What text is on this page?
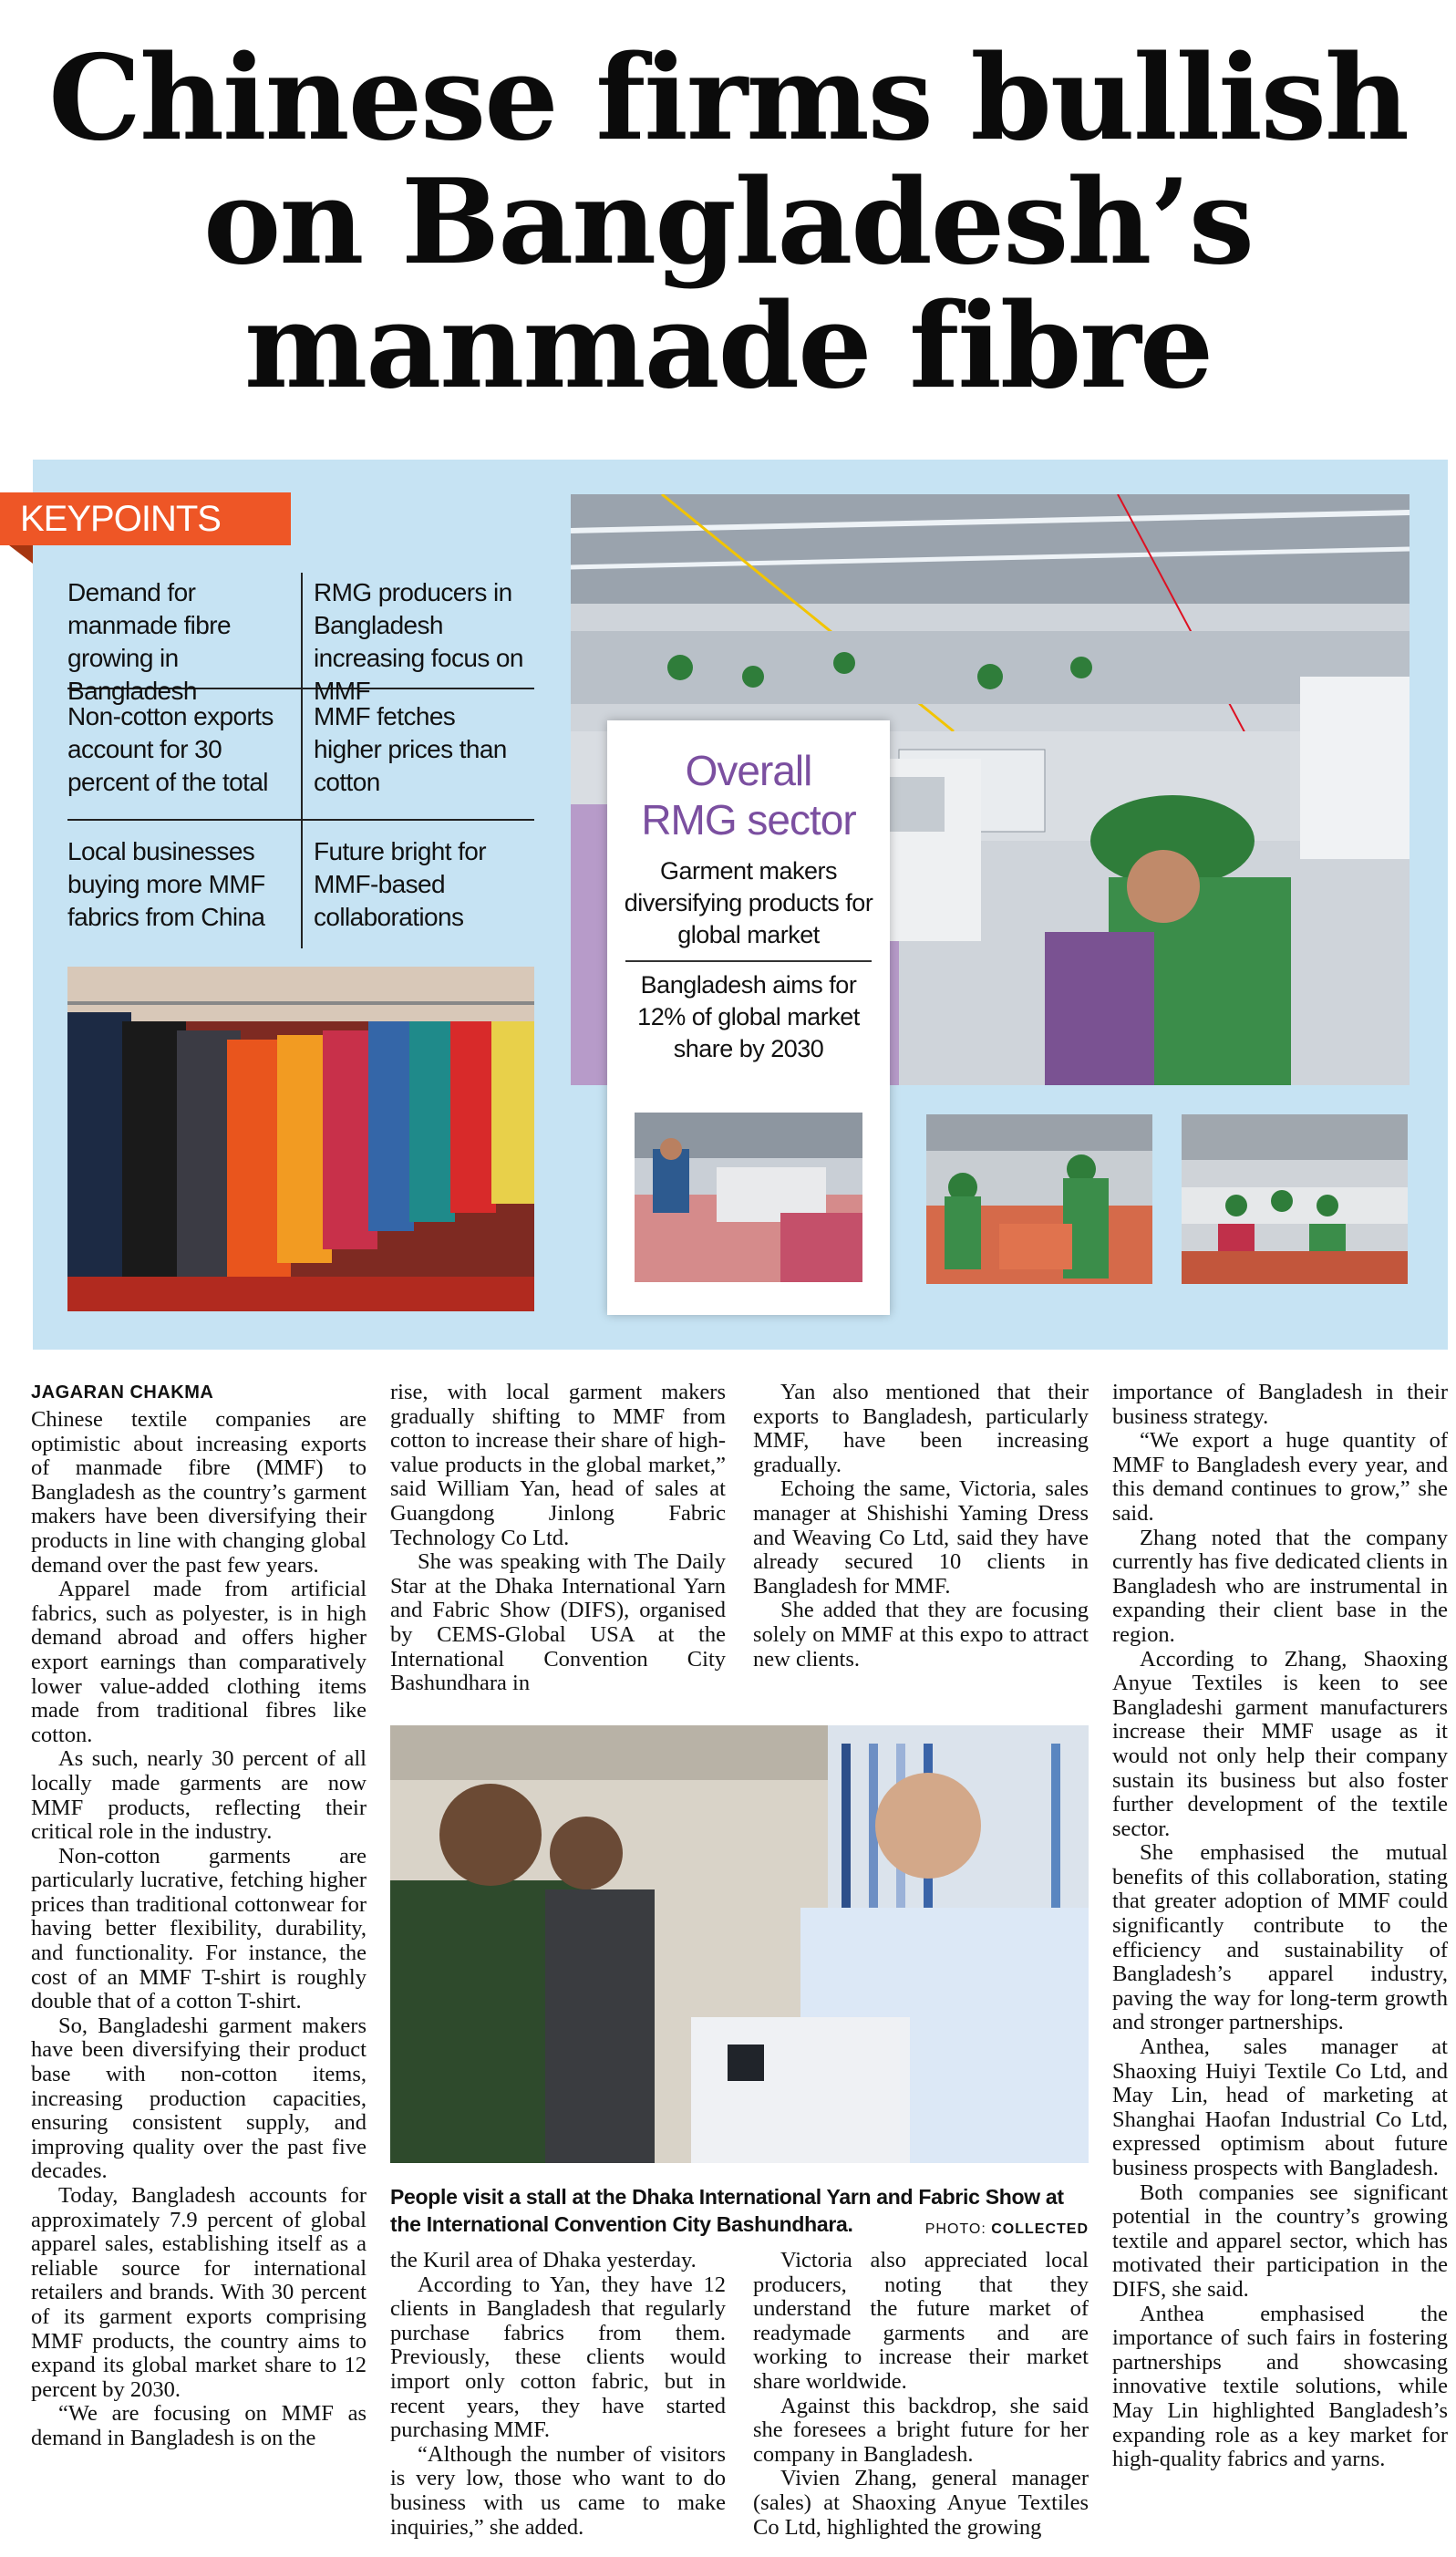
Chinese firms bullish
on Bangladesh’s
manmade fibre
KEYPOINTS
Demand for manmade fibre growing in Bangladesh
RMG producers in Bangladesh increasing focus on MMF
Non-cotton exports account for 30 percent of the total
MMF fetches higher prices than cotton
Local businesses buying more MMF fabrics from China
Future bright for MMF-based collaborations
Overall
RMG sector
Garment makers diversifying products for global market
Bangladesh aims for 12% of global market share by 2030
JAGARAN CHAKMA

Chinese textile companies are optimistic about increasing exports of manmade fibre (MMF) to Bangladesh as the country’s garment makers have been diversifying their products in line with changing global demand over the past few years.

Apparel made from artificial fabrics, such as polyester, is in high demand abroad and offers higher export earnings than comparatively lower value-added clothing items made from traditional fibres like cotton.

As such, nearly 30 percent of all locally made garments are now MMF products, reflecting their critical role in the industry.

Non-cotton garments are particularly lucrative, fetching higher prices than traditional cottonwear for having better flexibility, durability, and functionality. For instance, the cost of an MMF T-shirt is roughly double that of a cotton T-shirt.

So, Bangladeshi garment makers have been diversifying their product base with non-cotton items, increasing production capacities, ensuring consistent supply, and improving quality over the past five decades.

Today, Bangladesh accounts for approximately 7.9 percent of global apparel sales, establishing itself as a reliable source for international retailers and brands. With 30 percent of its garment exports comprising MMF products, the country aims to expand its global market share to 12 percent by 2030.

“We are focusing on MMF as demand in Bangladesh is on the

rise, with local garment makers gradually shifting to MMF from cotton to increase their share of high-value products in the global market,” said William Yan, head of sales at Guangdong Jinlong Fabric Technology Co Ltd.

She was speaking with The Daily Star at the Dhaka International Yarn and Fabric Show (DIFS), organised by CEMS-Global USA at the International Convention City Bashundhara in

Yan also mentioned that their exports to Bangladesh, particularly MMF, have been increasing gradually.

Echoing the same, Victoria, sales manager at Shishishi Yaming Dress and Weaving Co Ltd, said they have already secured 10 clients in Bangladesh for MMF.

She added that they are focusing solely on MMF at this expo to attract new clients.

People visit a stall at the Dhaka International Yarn and Fabric Show at the International Convention City Bashundhara.	PHOTO: COLLECTED

the Kuril area of Dhaka yesterday.

According to Yan, they have 12 clients in Bangladesh that regularly purchase fabrics from them. Previously, these clients would import only cotton fabric, but in recent years, they have started purchasing MMF.

“Although the number of visitors is very low, those who want to do business with us came to make inquiries,” she added.

Victoria also appreciated local producers, noting that they understand the future market of readymade garments and are working to increase their market share worldwide.

Against this backdrop, she said she foresees a bright future for her company in Bangladesh.

Vivien Zhang, general manager (sales) at Shaoxing Anyue Textiles Co Ltd, highlighted the growing

importance of Bangladesh in their business strategy.

“We export a huge quantity of MMF to Bangladesh every year, and this demand continues to grow,” she said.

Zhang noted that the company currently has five dedicated clients in Bangladesh who are instrumental in expanding their client base in the region.

According to Zhang, Shaoxing Anyue Textiles is keen to see Bangladeshi garment manufacturers increase their MMF usage as it would not only help their company sustain its business but also foster further development of the textile sector.

She emphasised the mutual benefits of this collaboration, stating that greater adoption of MMF could significantly contribute to the efficiency and sustainability of Bangladesh’s apparel industry, paving the way for long-term growth and stronger partnerships.

Anthea, sales manager at Shaoxing Huiyi Textile Co Ltd, and May Lin, head of marketing at Shanghai Haofan Industrial Co Ltd, expressed optimism about future business prospects with Bangladesh.

Both companies see significant potential in the country’s growing textile and apparel sector, which has motivated their participation in the DIFS, she said.

Anthea emphasised the importance of such fairs in fostering partnerships and showcasing innovative textile solutions, while May Lin highlighted Bangladesh’s expanding role as a key market for high-quality fabrics and yarns.
